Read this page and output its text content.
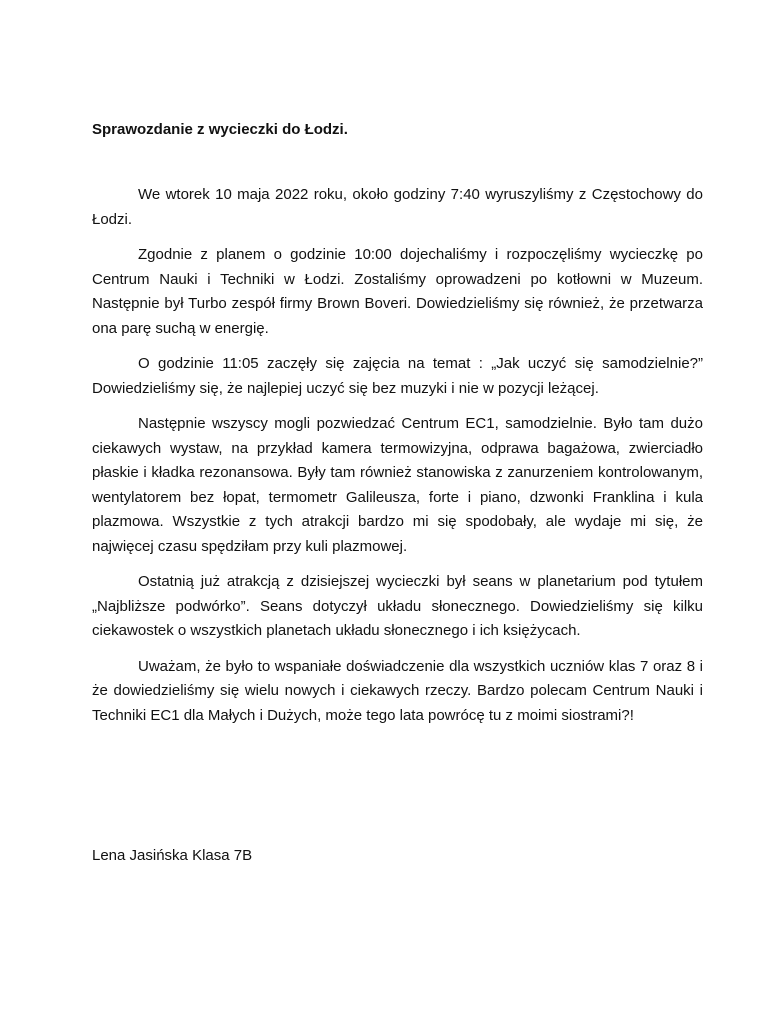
Sprawozdanie z wycieczki do Łodzi.

We wtorek 10 maja 2022 roku, około godziny 7:40 wyruszyliśmy z Częstochowy do Łodzi.

Zgodnie z planem o godzinie 10:00 dojechaliśmy i rozpoczęliśmy wycieczkę po Centrum Nauki i Techniki w Łodzi. Zostaliśmy oprowadzeni po kotłowni w Muzeum. Następnie był Turbo zespół firmy Brown Boveri. Dowiedzieliśmy się również, że przetwarza ona parę suchą w energię.

O godzinie 11:05 zaczęły się zajęcia na temat : „Jak uczyć się samodzielnie?” Dowiedzieliśmy się, że najlepiej uczyć się bez muzyki i nie w pozycji leżącej.

Następnie wszyscy mogli pozwiedzać Centrum EC1, samodzielnie. Było tam dużo ciekawych wystaw, na przykład kamera termowizyjna, odprawa bagażowa, zwierciadło płaskie i kładka rezonansowa. Były tam również stanowiska z zanurzeniem kontrolowanym, wentylatorem bez łopat, termometr Galileusza, forte i piano, dzwonki Franklina i kula plazmowa. Wszystkie z tych atrakcji bardzo mi się spodobały, ale wydaje mi się, że najwięcej czasu spędziłam przy kuli plazmowej.

Ostatnią już atrakcją z dzisiejszej wycieczki był seans w planetarium pod tytułem „Najbliższe podwórko”. Seans dotyczył układu słonecznego. Dowiedzieliśmy się kilku ciekawostek o wszystkich planetach układu słonecznego i ich księżycach.

Uważam, że było to wspaniałe doświadczenie dla wszystkich uczniów klas 7 oraz 8 i że dowiedzieliśmy się wielu nowych i ciekawych rzeczy. Bardzo polecam Centrum Nauki i Techniki EC1 dla Małych i Dużych, może tego lata powrócę tu z moimi siostrami?!

Lena Jasińska Klasa 7B
